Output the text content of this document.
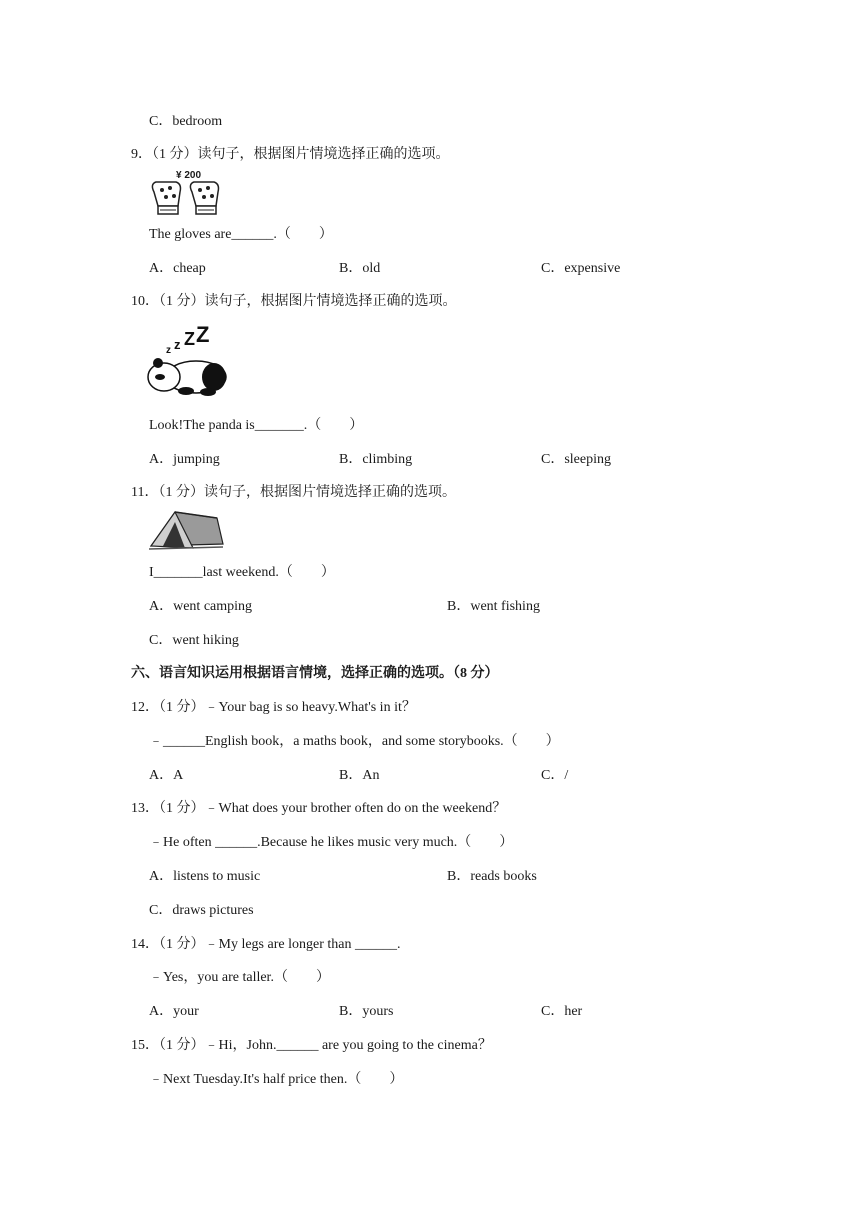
C．bedroom
9．（1 分）读句子，根据图片情境选择正确的选项。
¥ 200
The gloves are______.（　　）
A．cheap	B．old	C．expensive
10．（1 分）读句子，根据图片情境选择正确的选项。
z z Z Z
Look!The panda is_______.（　　）
A．jumping	B．climbing	C．sleeping
11．（1 分）读句子，根据图片情境选择正确的选项。
I_______last weekend.（　　）
A．went camping	B．went fishing
C．went hiking
六、语言知识运用根据语言情境，选择正确的选项。（8 分）
12．（1 分）﹣Your bag is so heavy.What's in it？
﹣______English book，a maths book，and some storybooks.（　　）
A．A	B．An	C．/
13．（1 分）﹣What does your brother often do on the weekend？
﹣He often ______.Because he likes music very much.（　　）
A．listens to music	B．reads books
C．draws pictures
14．（1 分）﹣My legs are longer than ______.
﹣Yes，you are taller.（　　）
A．your	B．yours	C．her
15．（1 分）﹣Hi，John.______ are you going to the cinema？
﹣Next Tuesday.It's half price then.（　　）
